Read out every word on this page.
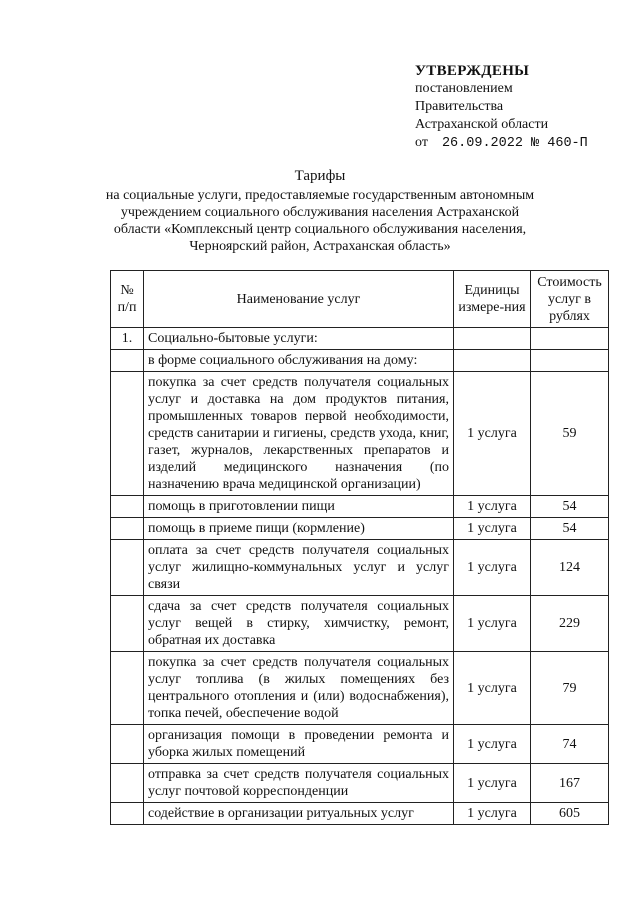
УТВЕРЖДЕНЫ
постановлением
Правительства
Астраханской области
от 26.09.2022 № 460-П
Тарифы
на социальные услуги, предоставляемые государственным автономным учреждением социального обслуживания населения Астраханской области «Комплексный центр социального обслуживания населения, Черноярский район, Астраханская область»
№ п/п	Наименование услуг	Единицы измере-ния	Стоимость услуг в рублях
1.	Социально-бытовые услуги:		
	в форме социального обслуживания на дому:		
	покупка за счет средств получателя социальных услуг и доставка на дом продуктов питания, промышленных товаров первой необходимости, средств санитарии и гигиены, средств ухода, книг, газет, журналов, лекарственных препаратов и изделий медицинского назначения (по назначению врача медицинской организации)	1 услуга	59
	помощь в приготовлении пищи	1 услуга	54
	помощь в приеме пищи (кормление)	1 услуга	54
	оплата за счет средств получателя социальных услуг жилищно-коммунальных услуг и услуг связи	1 услуга	124
	сдача за счет средств получателя социальных услуг вещей в стирку, химчистку, ремонт, обратная их доставка	1 услуга	229
	покупка за счет средств получателя социальных услуг топлива (в жилых помещениях без центрального отопления и (или) водоснабжения), топка печей, обеспечение водой	1 услуга	79
	организация помощи в проведении ремонта и уборка жилых помещений	1 услуга	74
	отправка за счет средств получателя социальных услуг почтовой корреспонденции	1 услуга	167
	содействие в организации ритуальных услуг	1 услуга	605
